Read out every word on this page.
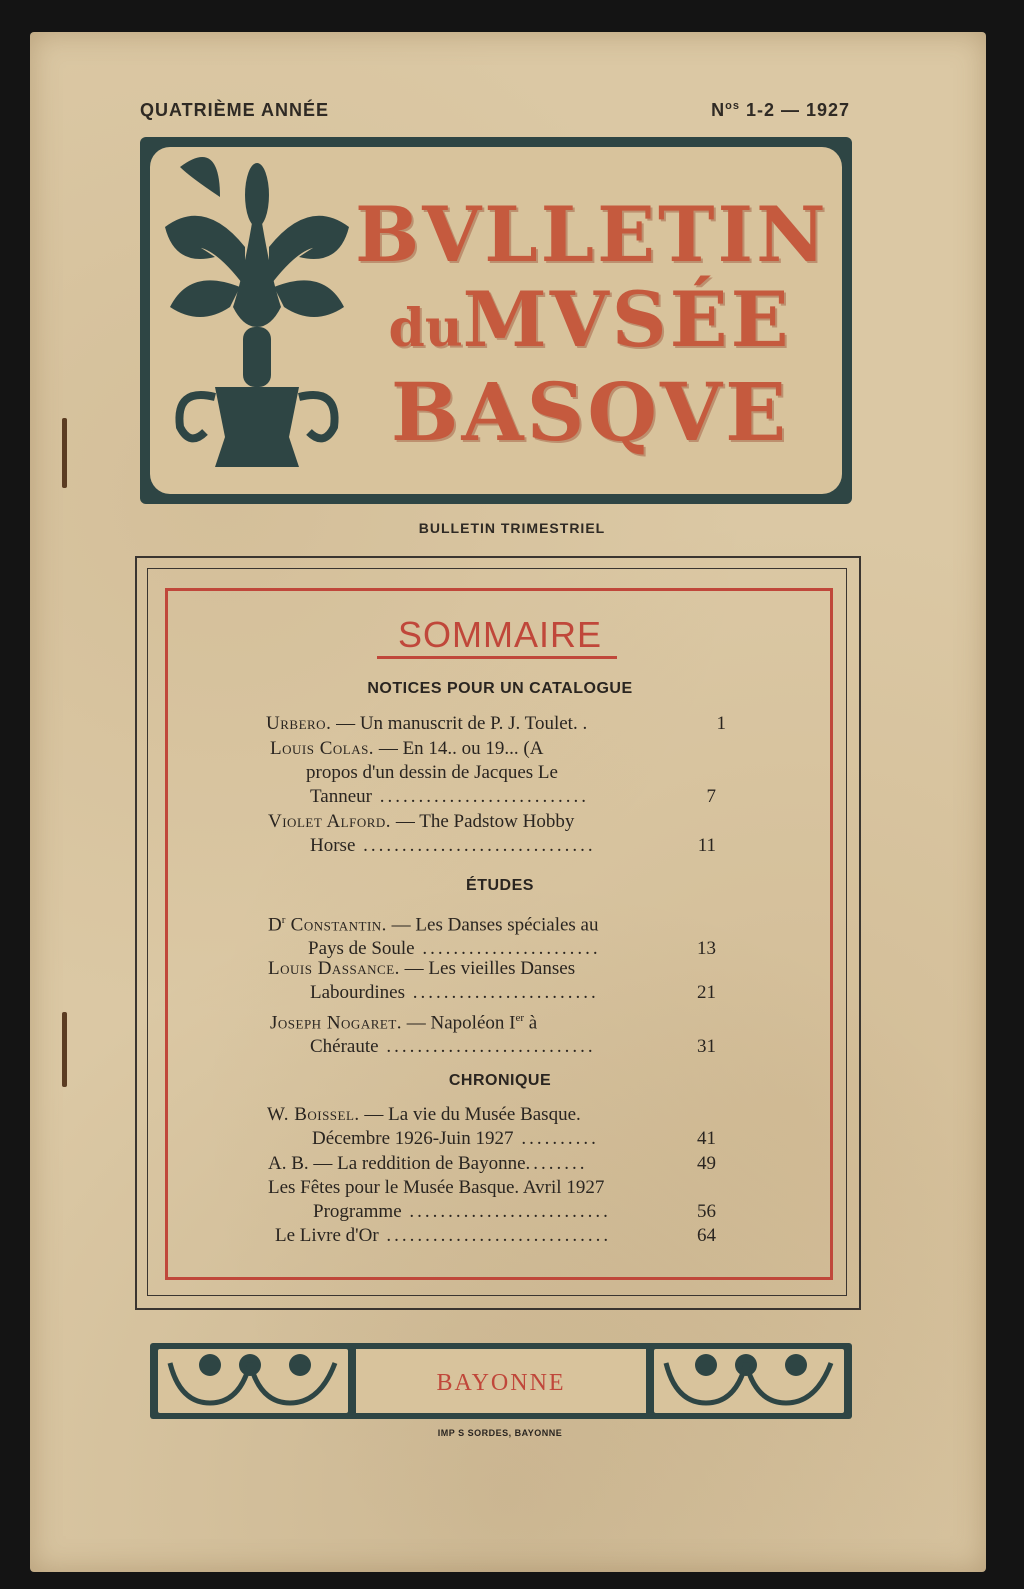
QUATRIÈME ANNÉE	$N^{os}$ 1-2 — 1927
BVLLETIN
duMVSÉE
BASQVE
BULLETIN TRIMESTRIEL
SOMMAIRE
NOTICES POUR UN CATALOGUE
Urbero. — Un manuscrit de P. J. Toulet. .	1
Louis Colas. — En 14.. ou 19... (A
propos d'un dessin de Jacques Le
Tanneur ...........................	7
Violet Alford. — The Padstow Hobby
Horse ..............................	11
ÉTUDES
$D^r$ Constantin. — Les Danses spéciales au
Pays de Soule .......................	13
Louis Dassance. — Les vieilles Danses
Labourdines ........................	21
Joseph Nogaret. — Napoléon Ier à
Chéraute ...........................	31
CHRONIQUE
W. Boissel. — La vie du Musée Basque.
Décembre 1926-Juin 1927 ..........	41
A. B. — La reddition de Bayonne........	49
Les Fêtes pour le Musée Basque. Avril 1927
Programme ..........................	56
Le Livre d'Or .............................	64
BAYONNE
IMP S SORDES, BAYONNE
